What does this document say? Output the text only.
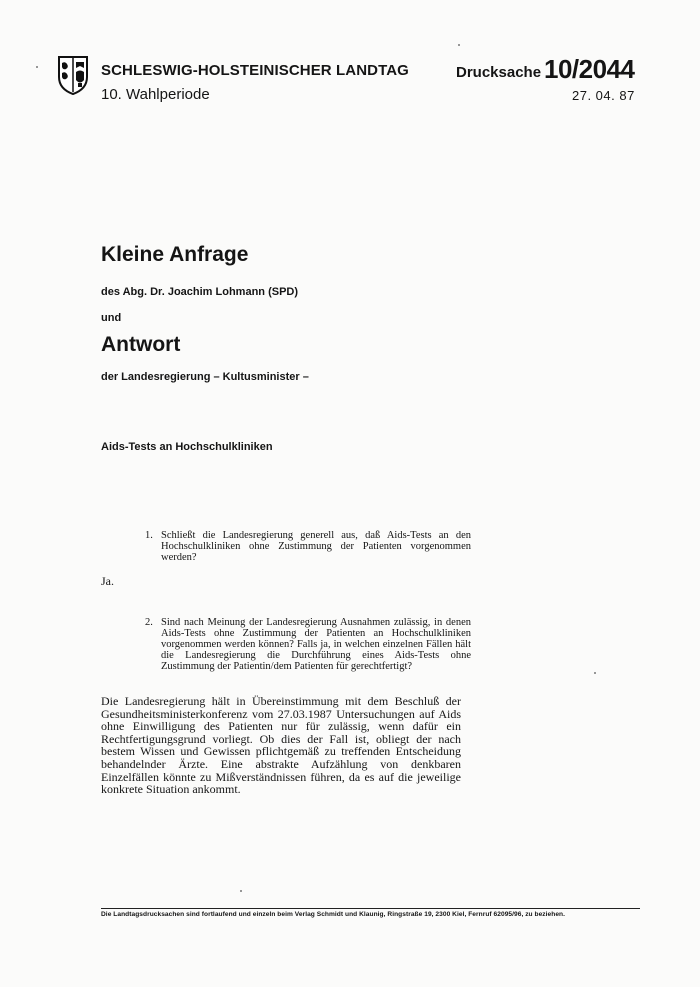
SCHLESWIG-HOLSTEINISCHER LANDTAG
10. Wahlperiode
Drucksache 10/2044
27. 04. 87
Kleine Anfrage
des Abg. Dr. Joachim Lohmann (SPD)
und
Antwort
der Landesregierung – Kultusminister –
Aids-Tests an Hochschulkliniken
1. Schließt die Landesregierung generell aus, daß Aids-Tests an den Hochschulkliniken ohne Zustimmung der Patienten vorgenommen werden?
Ja.
2. Sind nach Meinung der Landesregierung Ausnahmen zulässig, in denen Aids-Tests ohne Zustimmung der Patienten an Hochschulkliniken vorgenommen werden können? Falls ja, in welchen einzelnen Fällen hält die Landesregierung die Durchführung eines Aids-Tests ohne Zustimmung der Patientin/dem Patienten für gerechtfertigt?
Die Landesregierung hält in Übereinstimmung mit dem Beschluß der Gesundheitsministerkonferenz vom 27.03.1987 Untersuchungen auf Aids ohne Einwilligung des Patienten nur für zulässig, wenn dafür ein Rechtfertigungsgrund vorliegt. Ob dies der Fall ist, obliegt der nach bestem Wissen und Gewissen pflichtgemäß zu treffenden Entscheidung behandelnder Ärzte. Eine abstrakte Aufzählung von denkbaren Einzelfällen könnte zu Mißverständnissen führen, da es auf die jeweilige konkrete Situation ankommt.
Die Landtagsdrucksachen sind fortlaufend und einzeln beim Verlag Schmidt und Klaunig, Ringstraße 19, 2300 Kiel, Fernruf 62095/96, zu beziehen.
